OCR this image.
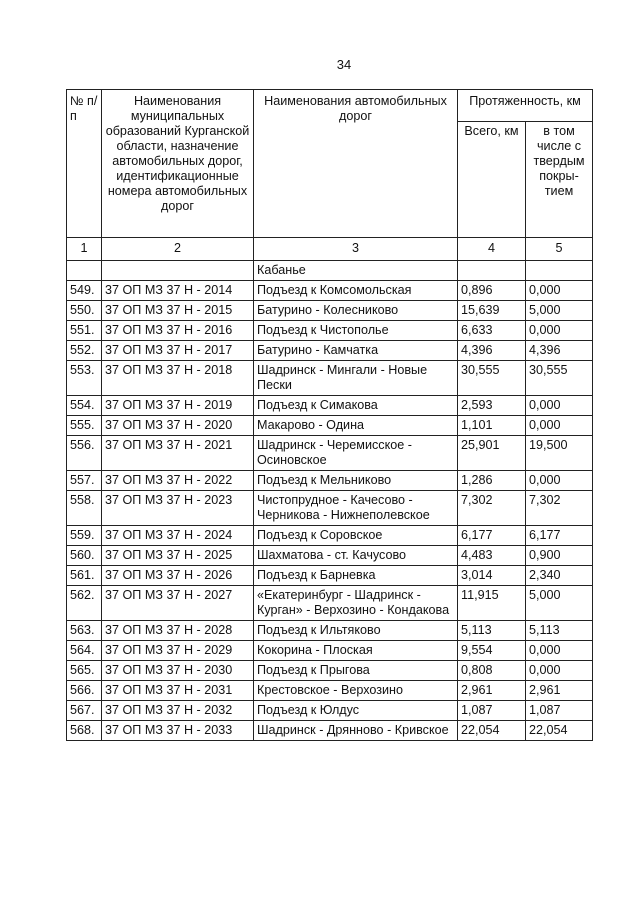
34
№ п/п	Наименования муниципальных образований Курганской области, назначение автомобильных дорог, идентификационные номера автомобильных дорог	Наименования автомобильных дорог	Протяженность, км	
			Всего, км	в том числе с твердым покры- тием
1	2	3	4	5
		Кабанье		
549.	37 ОП МЗ 37 Н - 2014	Подъезд к Комсомольская	0,896	0,000
550.	37 ОП МЗ 37 Н - 2015	Батурино - Колесниково	15,639	5,000
551.	37 ОП МЗ 37 Н - 2016	Подъезд к Чистополье	6,633	0,000
552.	37 ОП МЗ 37 Н - 2017	Батурино - Камчатка	4,396	4,396
553.	37 ОП МЗ 37 Н - 2018	Шадринск - Мингали - Новые Пески	30,555	30,555
554.	37 ОП МЗ 37 Н - 2019	Подъезд к Симакова	2,593	0,000
555.	37 ОП МЗ 37 Н - 2020	Макарово - Одина	1,101	0,000
556.	37 ОП МЗ 37 Н - 2021	Шадринск - Черемисское - Осиновское	25,901	19,500
557.	37 ОП МЗ 37 Н - 2022	Подъезд к Мельниково	1,286	0,000
558.	37 ОП МЗ 37 Н - 2023	Чистопрудное - Качесово - Черникова - Нижнеполевское	7,302	7,302
559.	37 ОП МЗ 37 Н - 2024	Подъезд к Соровское	6,177	6,177
560.	37 ОП МЗ 37 Н - 2025	Шахматова - ст. Качусово	4,483	0,900
561.	37 ОП МЗ 37 Н - 2026	Подъезд к Барневка	3,014	2,340
562.	37 ОП МЗ 37 Н - 2027	«Екатеринбург - Шадринск - Курган» - Верхозино - Кондакова	11,915	5,000
563.	37 ОП МЗ 37 Н - 2028	Подъезд к Ильтяково	5,113	5,113
564.	37 ОП МЗ 37 Н - 2029	Кокорина - Плоская	9,554	0,000
565.	37 ОП МЗ 37 Н - 2030	Подъезд к Прыгова	0,808	0,000
566.	37 ОП МЗ 37 Н - 2031	Крестовское - Верхозино	2,961	2,961
567.	37 ОП МЗ 37 Н - 2032	Подъезд к Юлдус	1,087	1,087
568.	37 ОП МЗ 37 Н - 2033	Шадринск - Дрянново - Кривское	22,054	22,054
